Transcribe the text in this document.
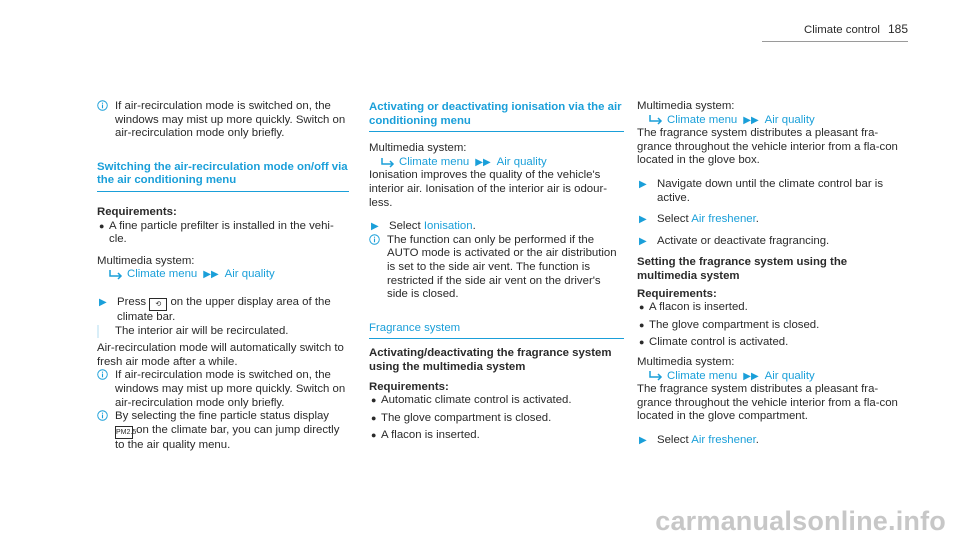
Climate control 185

If air-recirculation mode is switched on, the windows may mist up more quickly. Switch on air-recirculation mode only briefly.

Switching the air-recirculation mode on/off via the air conditioning menu

Requirements:

● A fine particle prefilter is installed in the vehi-cle.

Multimedia system:

Climate menu ▶▶ Air quality
▶ Press ⟲ on the upper display area of the climate bar.

The interior air will be recirculated.

Air-recirculation mode will automatically switch to fresh air mode after a while.

If air-recirculation mode is switched on, the windows may mist up more quickly. Switch on air-recirculation mode only briefly.

By selecting the fine particle status display
PM2.5 on the climate bar, you can jump directly to the air quality menu.

Activating or deactivating ionisation via the air conditioning menu

Multimedia system:

Climate menu ▶▶ Air quality

Ionisation improves the quality of the vehicle's interior air. Ionisation of the interior air is odour-less.

▶ Select Ionisation.

The function can only be performed if the AUTO mode is activated or the air distribution is set to the side air vent. The function is restricted if the side air vent on the driver's side is closed.

Fragrance system

Activating/deactivating the fragrance system using the multimedia system

Requirements:

● Automatic climate control is activated.
● The glove compartment is closed.
● A flacon is inserted.

Multimedia system:

Climate menu ▶▶ Air quality

The fragrance system distributes a pleasant fra-grance throughout the vehicle interior from a fla-con located in the glove box.

▶ Navigate down until the climate control bar is active.

▶ Select Air freshener.

▶ Activate or deactivate fragrancing.

Setting the fragrance system using the multimedia system

Requirements:

● A flacon is inserted.
● The glove compartment is closed.
● Climate control is activated.

Multimedia system:

Climate menu ▶▶ Air quality

The fragrance system distributes a pleasant fra-grance throughout the vehicle interior from a fla-con located in the glove compartment.

▶ Select Air freshener.

carmanualsonline.info
